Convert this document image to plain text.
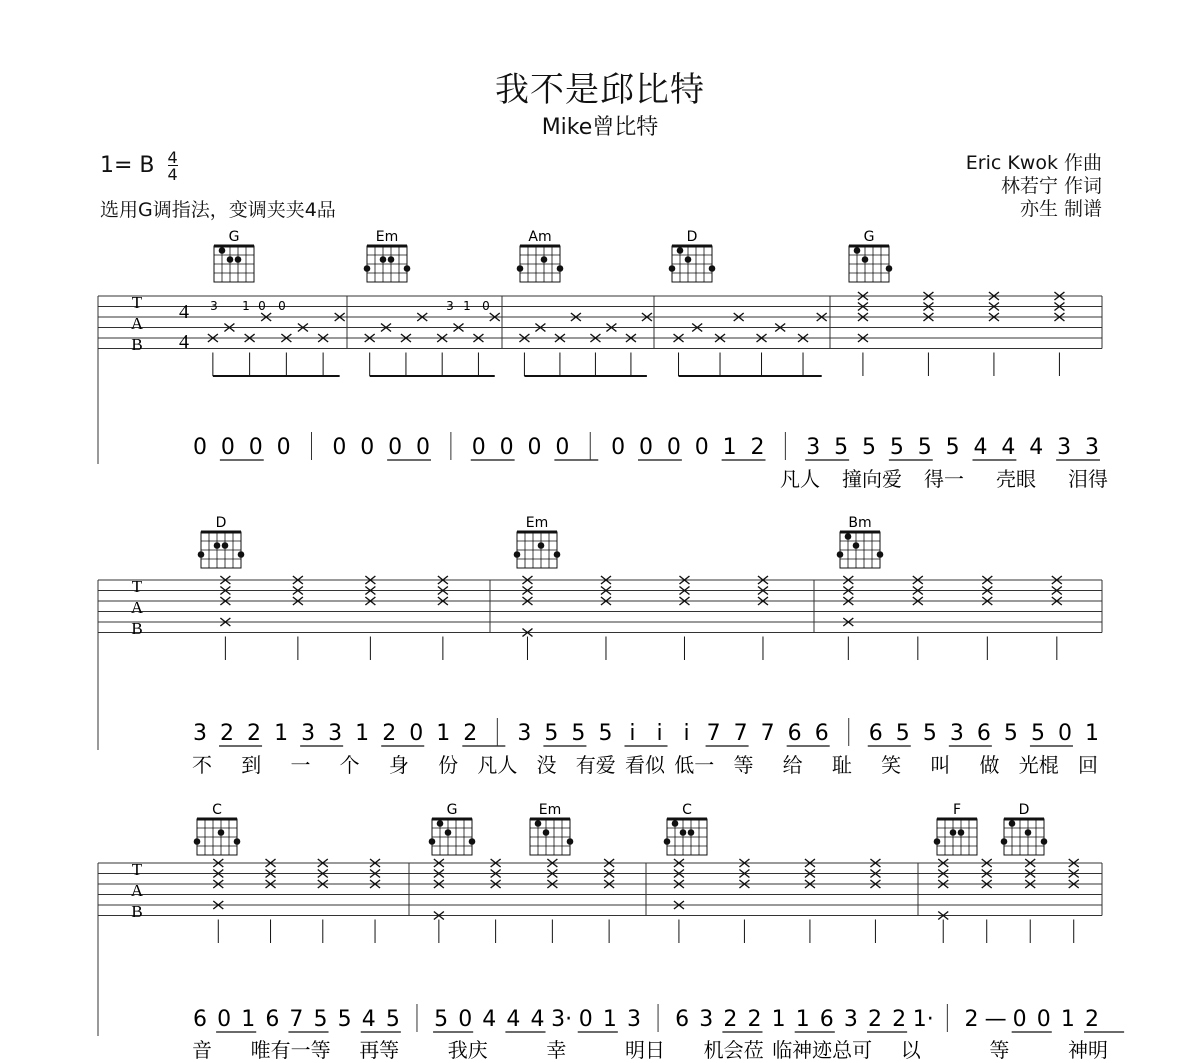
我不是邱比特
Mike曾比特
1= B $\frac{4}{4}$
选用G调指法，变调夹夹4品
Eric Kwok 作曲
林若宁 作词
亦生 制谱
T
A
B
4
4
T
A
B
T
A
B
3 1 0 0	3 1 0
G	Em	Am	D	G
D	Em	Bm
C	G	Em	C	F	D
0 0 0 0 0 0 0 0 0 0 0 0 0 0 0 0 1 2 3 5 5 5 5 5 4 4 4 3 3
凡人 撞向爱 得一 壳眼 泪得
3 2 2 1 3 3 1 2 0 1 2 3 5 5 5 i i i 7 7 7 6 6 6 5 5 3 6 5 5 0 1
不 到 一 个 身 份 凡人 没 有爱 看似 低一 等 给 耻 笑 叫 做 光棍 回
6 0 1 6 7 5 5 4 5 5 0 4 4 4 3· 0 1 3 6 3 2 2 1 1 6 3 2 2 1· 2 — 0 0 1 2
音 唯有一等 再等 我庆	幸	明日 机会莅 临神迹总可 以	等	神明
